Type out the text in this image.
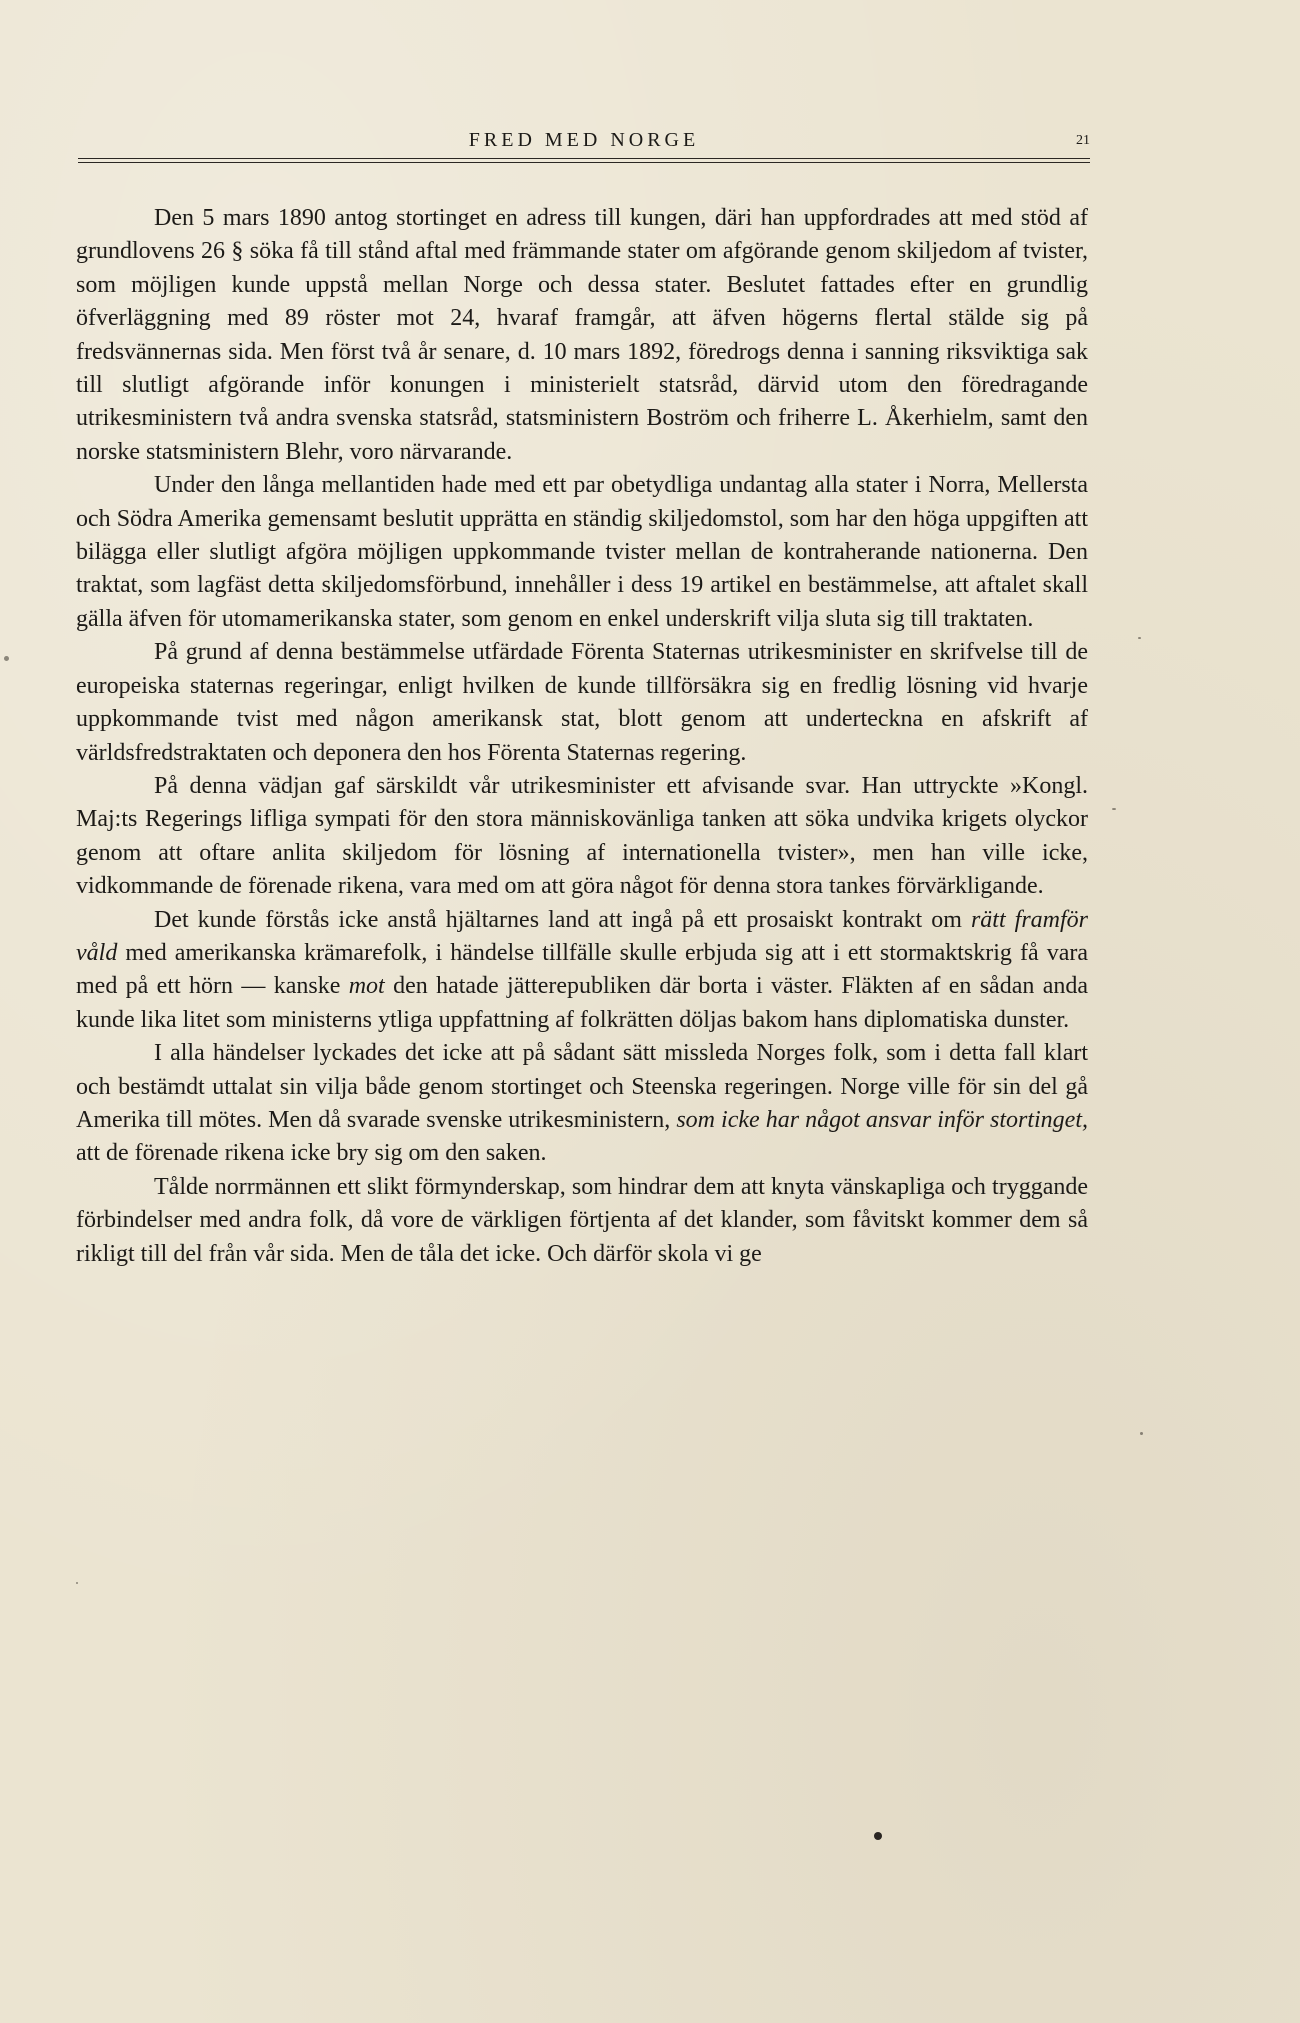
FRED MED NORGE	21

Den 5 mars 1890 antog stortinget en adress till kungen, däri han uppfordrades att med stöd af grundlovens 26 § söka få till stånd aftal med främmande stater om afgörande genom skiljedom af tvister, som möjligen kunde uppstå mellan Norge och dessa stater. Beslutet fattades efter en grundlig öfverläggning med 89 röster mot 24, hvaraf framgår, att äfven högerns flertal stälde sig på fredsvännernas sida. Men först två år senare, d. 10 mars 1892, föredrogs denna i sanning riksviktiga sak till slutligt afgörande inför konungen i ministerielt statsråd, därvid utom den föredragande utrikesministern två andra svenska statsråd, statsministern Boström och friherre L. Åkerhielm, samt den norske statsministern Blehr, voro närvarande.

Under den långa mellantiden hade med ett par obetydliga undantag alla stater i Norra, Mellersta och Södra Amerika gemensamt beslutit upprätta en ständig skiljedomstol, som har den höga uppgiften att bilägga eller slutligt afgöra möjligen uppkommande tvister mellan de kontraherande nationerna. Den traktat, som lagfäst detta skiljedomsförbund, innehåller i dess 19 artikel en bestämmelse, att aftalet skall gälla äfven för utomamerikanska stater, som genom en enkel underskrift vilja sluta sig till traktaten.

På grund af denna bestämmelse utfärdade Förenta Staternas utrikesminister en skrifvelse till de europeiska staternas regeringar, enligt hvilken de kunde tillförsäkra sig en fredlig lösning vid hvarje uppkommande tvist med någon amerikansk stat, blott genom att underteckna en afskrift af världsfredstraktaten och deponera den hos Förenta Staternas regering.

På denna vädjan gaf särskildt vår utrikesminister ett afvisande svar. Han uttryckte »Kongl. Maj:ts Regerings lifliga sympati för den stora människovänliga tanken att söka undvika krigets olyckor genom att oftare anlita skiljedom för lösning af internationella tvister», men han ville icke, vidkommande de förenade rikena, vara med om att göra något för denna stora tankes förvärkligande.

Det kunde förstås icke anstå hjältarnes land att ingå på ett prosaiskt kontrakt om rätt framför våld med amerikanska krämarefolk, i händelse tillfälle skulle erbjuda sig att i ett stormaktskrig få vara med på ett hörn — kanske mot den hatade jätterepubliken där borta i väster. Fläkten af en sådan anda kunde lika litet som ministerns ytliga uppfattning af folkrätten döljas bakom hans diplomatiska dunster.

I alla händelser lyckades det icke att på sådant sätt missleda Norges folk, som i detta fall klart och bestämdt uttalat sin vilja både genom stortinget och Steenska regeringen. Norge ville för sin del gå Amerika till mötes. Men då svarade svenske utrikesministern, som icke har något ansvar inför stortinget, att de förenade rikena icke bry sig om den saken.

Tålde norrmännen ett slikt förmynderskap, som hindrar dem att knyta vänskapliga och tryggande förbindelser med andra folk, då vore de värkligen förtjenta af det klander, som fåvitskt kommer dem så rikligt till del från vår sida. Men de tåla det icke. Och därför skola vi ge
